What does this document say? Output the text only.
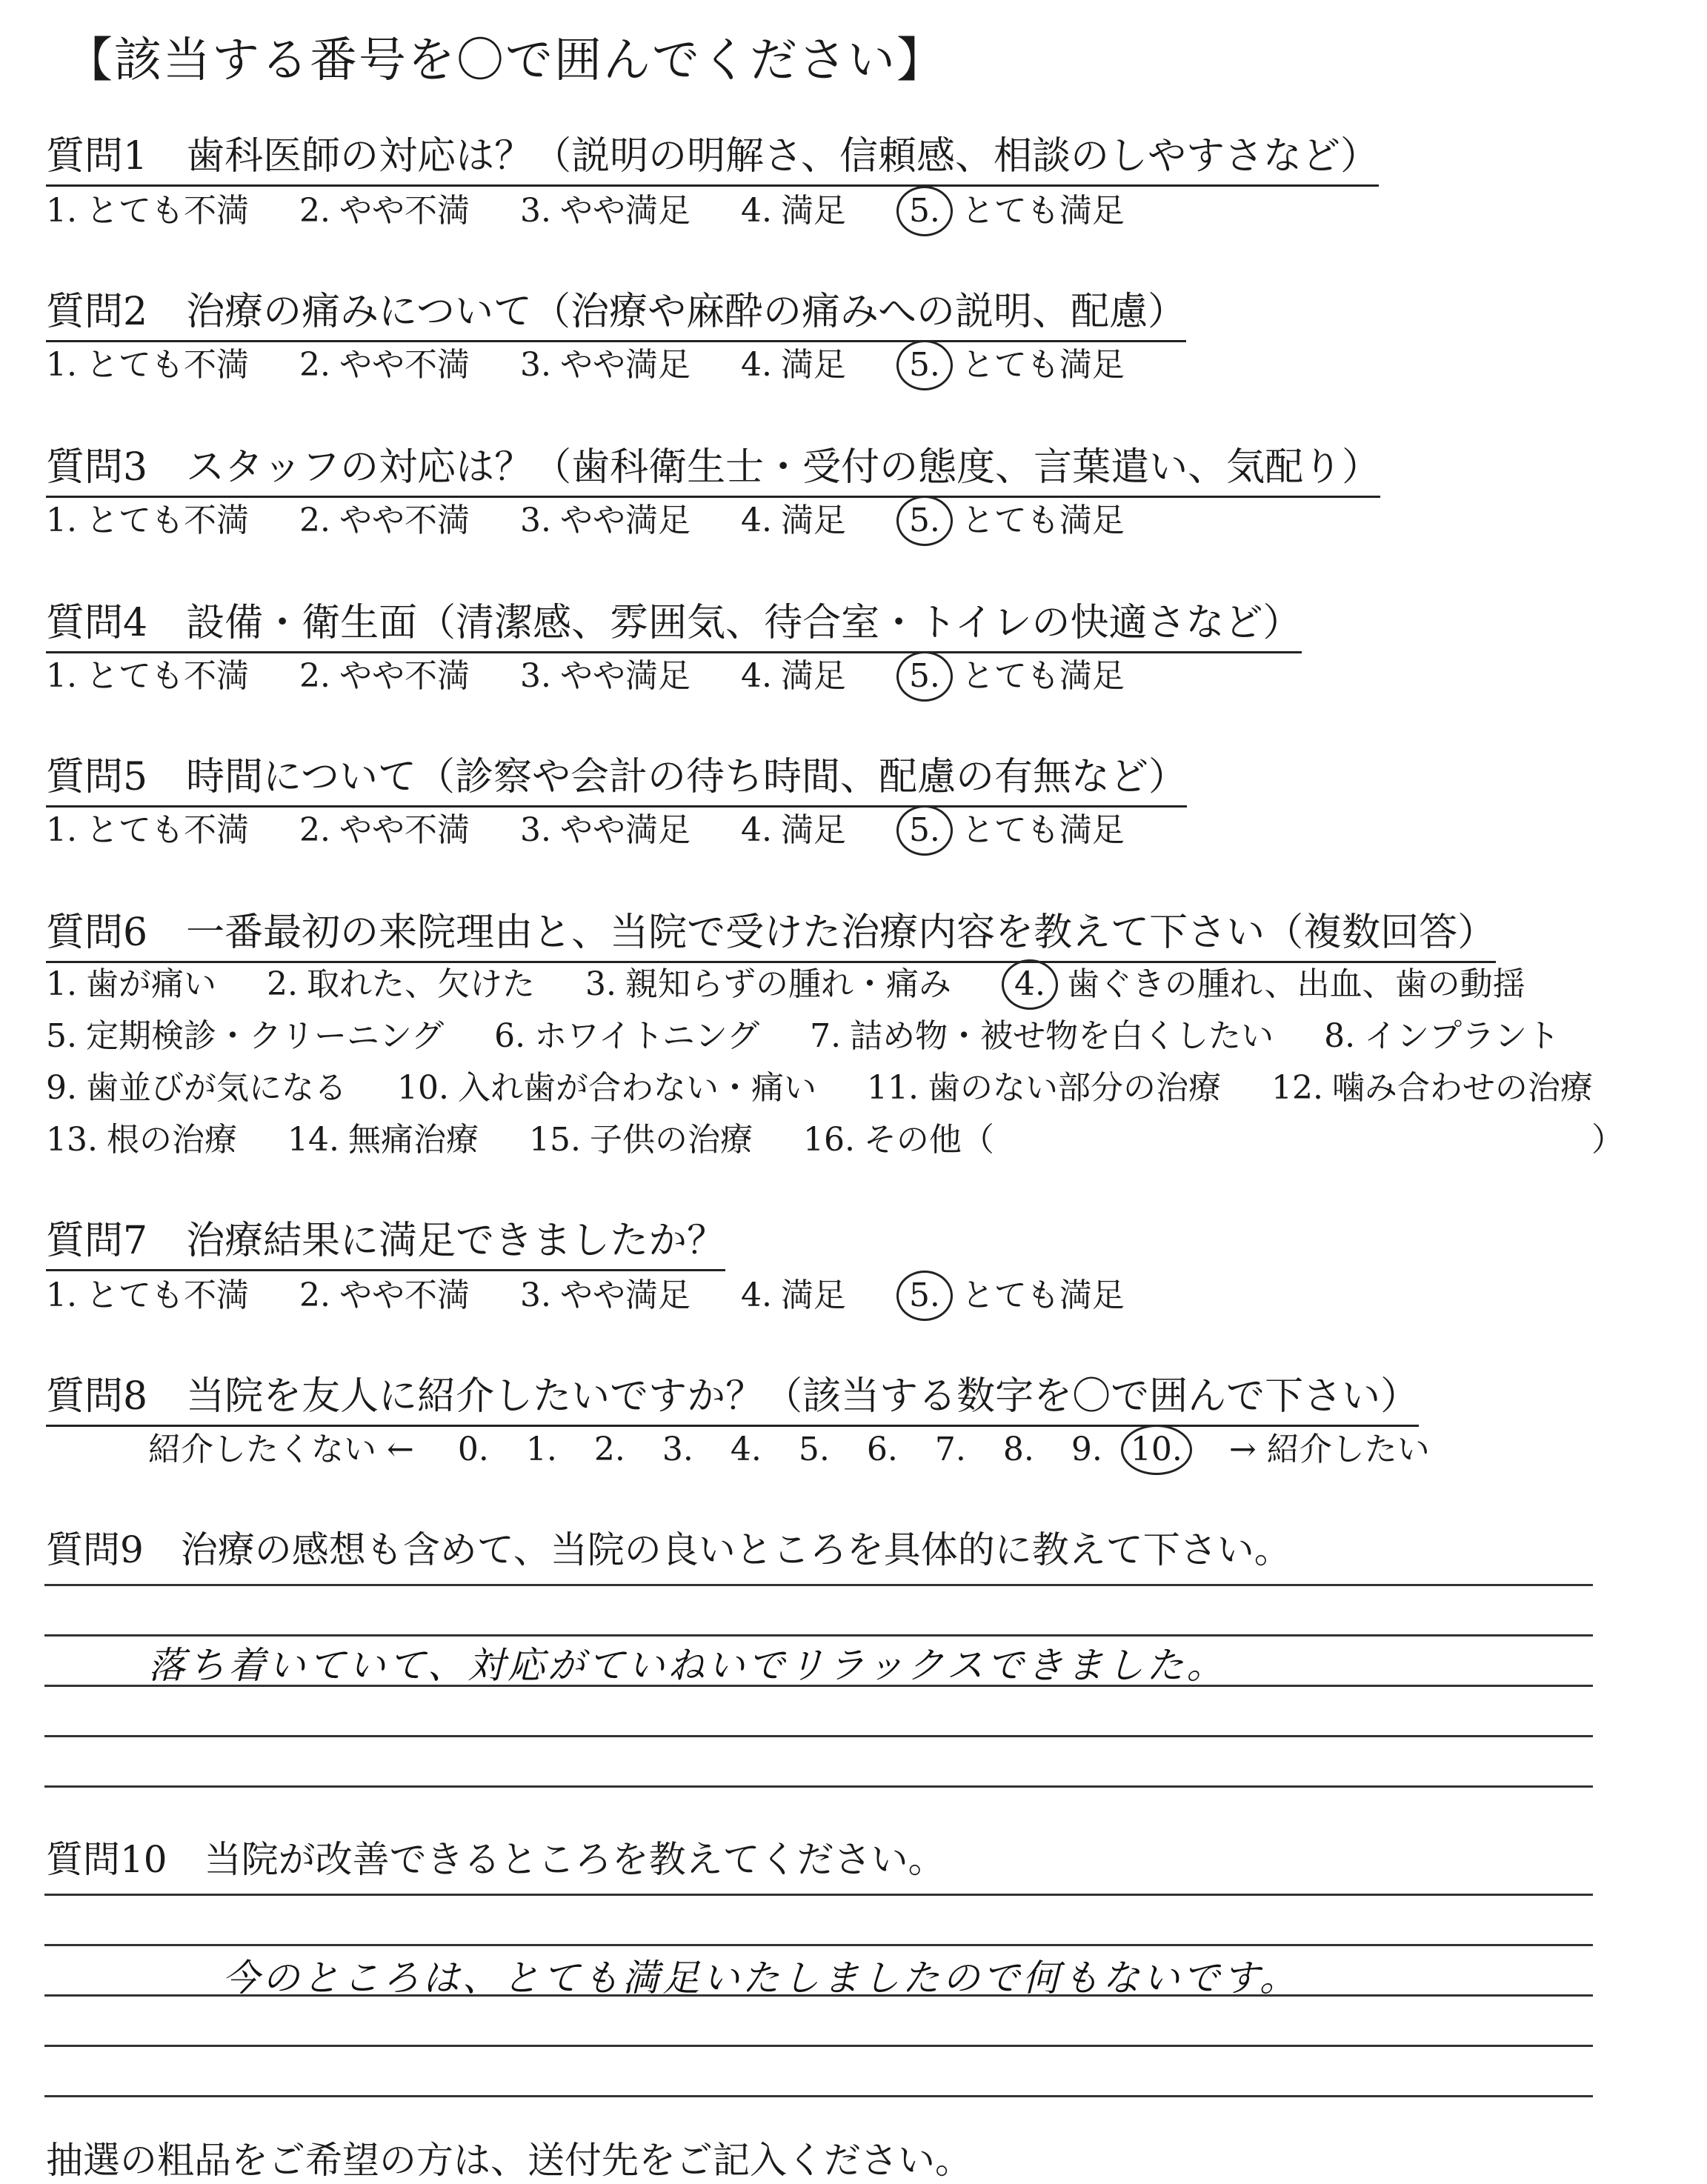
【該当する番号を〇で囲んでください】
質問1　歯科医師の対応は？（説明の明解さ、信頼感、相談のしやすさなど）
1. とても不満 2. やや不満 3. やや満足 4. 満足 5. とても満足
質問2　治療の痛みについて（治療や麻酔の痛みへの説明、配慮）
1. とても不満 2. やや不満 3. やや満足 4. 満足 5. とても満足
質問3　スタッフの対応は？（歯科衛生士・受付の態度、言葉遣い、気配り）
1. とても不満 2. やや不満 3. やや満足 4. 満足 5. とても満足
質問4　設備・衛生面（清潔感、雰囲気、待合室・トイレの快適さなど）
1. とても不満 2. やや不満 3. やや満足 4. 満足 5. とても満足
質問5　時間について（診察や会計の待ち時間、配慮の有無など）
1. とても不満 2. やや不満 3. やや満足 4. 満足 5. とても満足
質問6　一番最初の来院理由と、当院で受けた治療内容を教えて下さい（複数回答）
1. 歯が痛い 2. 取れた、欠けた 3. 親知らずの腫れ・痛み 4. 歯ぐきの腫れ、出血、歯の動揺
5. 定期検診・クリーニング 6. ホワイトニング 7. 詰め物・被せ物を白くしたい 8. インプラント
9. 歯並びが気になる 10. 入れ歯が合わない・痛い 11. 歯のない部分の治療 12. 噛み合わせの治療
13. 根の治療 14. 無痛治療 15. 子供の治療 16. その他（	）
質問7　治療結果に満足できましたか？
1. とても不満 2. やや不満 3. やや満足 4. 満足 5. とても満足
質問8　当院を友人に紹介したいですか？（該当する数字を〇で囲んで下さい）
紹介したくない ← 0. 1. 2. 3. 4. 5. 6. 7. 8. 9. 10. → 紹介したい
質問9　治療の感想も含めて、当院の良いところを具体的に教えて下さい。
落ち着いていて、対応がていねいでリラックスできました。
質問10　当院が改善できるところを教えてください。
今のところは、とても満足いたしましたので何もないです。
抽選の粗品をご希望の方は、送付先をご記入ください。
